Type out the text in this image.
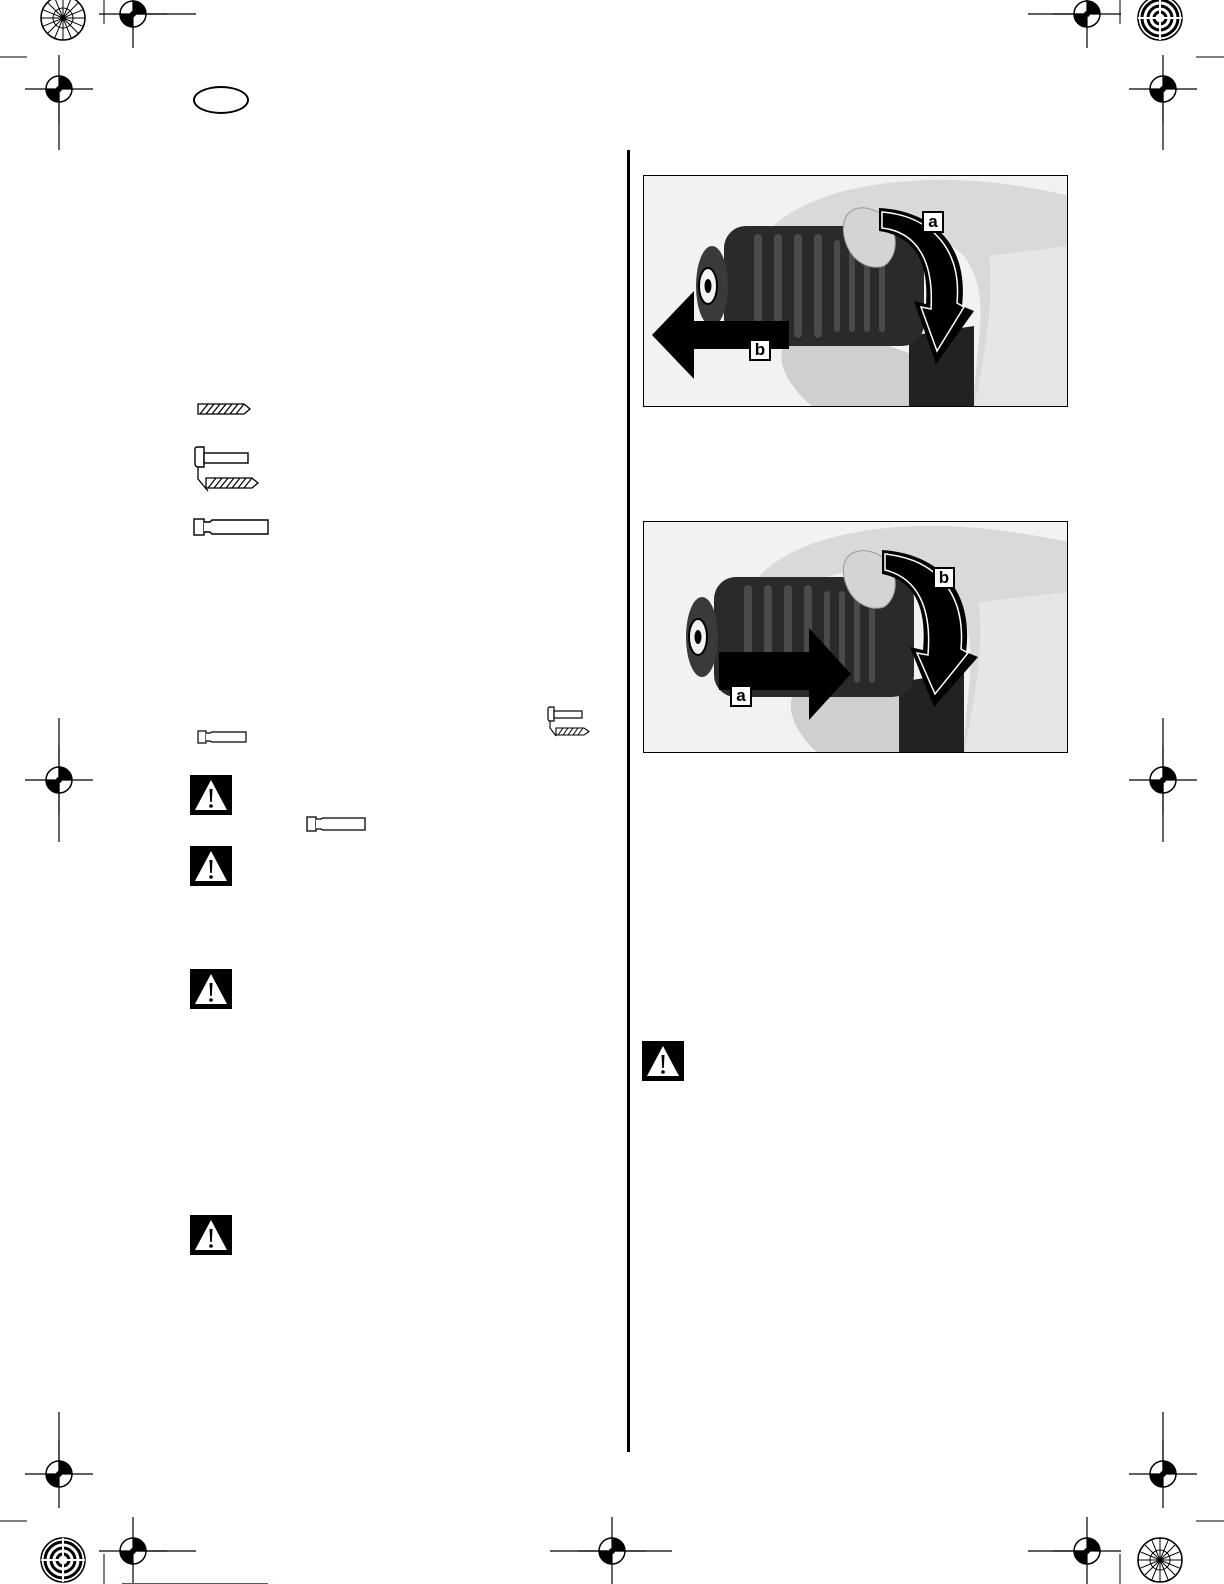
a
b
b
a
